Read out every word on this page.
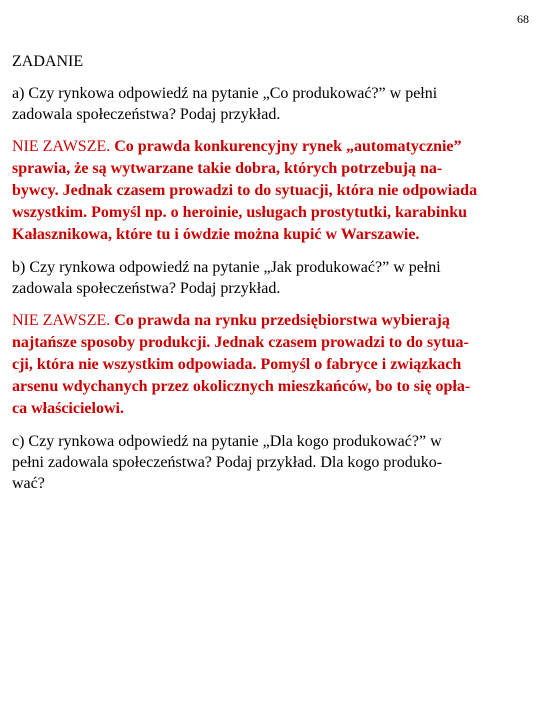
68
ZADANIE
a) Czy rynkowa odpowiedź na pytanie „Co produkować?” w pełni
zadowala społeczeństwa? Podaj przykład.
NIE ZAWSZE. Co prawda konkurencyjny rynek „automatycznie”
sprawia, że są wytwarzane takie dobra, których potrzebują na-
bywcy. Jednak czasem prowadzi to do sytuacji, która nie odpowiada
wszystkim. Pomyśl np. o heroinie, usługach prostytutki, karabinku
Kałasznikowa, które tu i ówdzie można kupić w Warszawie.
b) Czy rynkowa odpowiedź na pytanie „Jak produkować?” w pełni
zadowala społeczeństwa? Podaj przykład.
NIE ZAWSZE. Co prawda na rynku przedsiębiorstwa wybierają
najtańsze sposoby produkcji. Jednak czasem prowadzi to do sytua-
cji, która nie wszystkim odpowiada. Pomyśl o fabryce i związkach
arsenu wdychanych przez okolicznych mieszkańców, bo to się opła-
ca właścicielowi.
c) Czy rynkowa odpowiedź na pytanie „Dla kogo produkować?” w
pełni zadowala społeczeństwa? Podaj przykład. Dla kogo produko-
wać?
